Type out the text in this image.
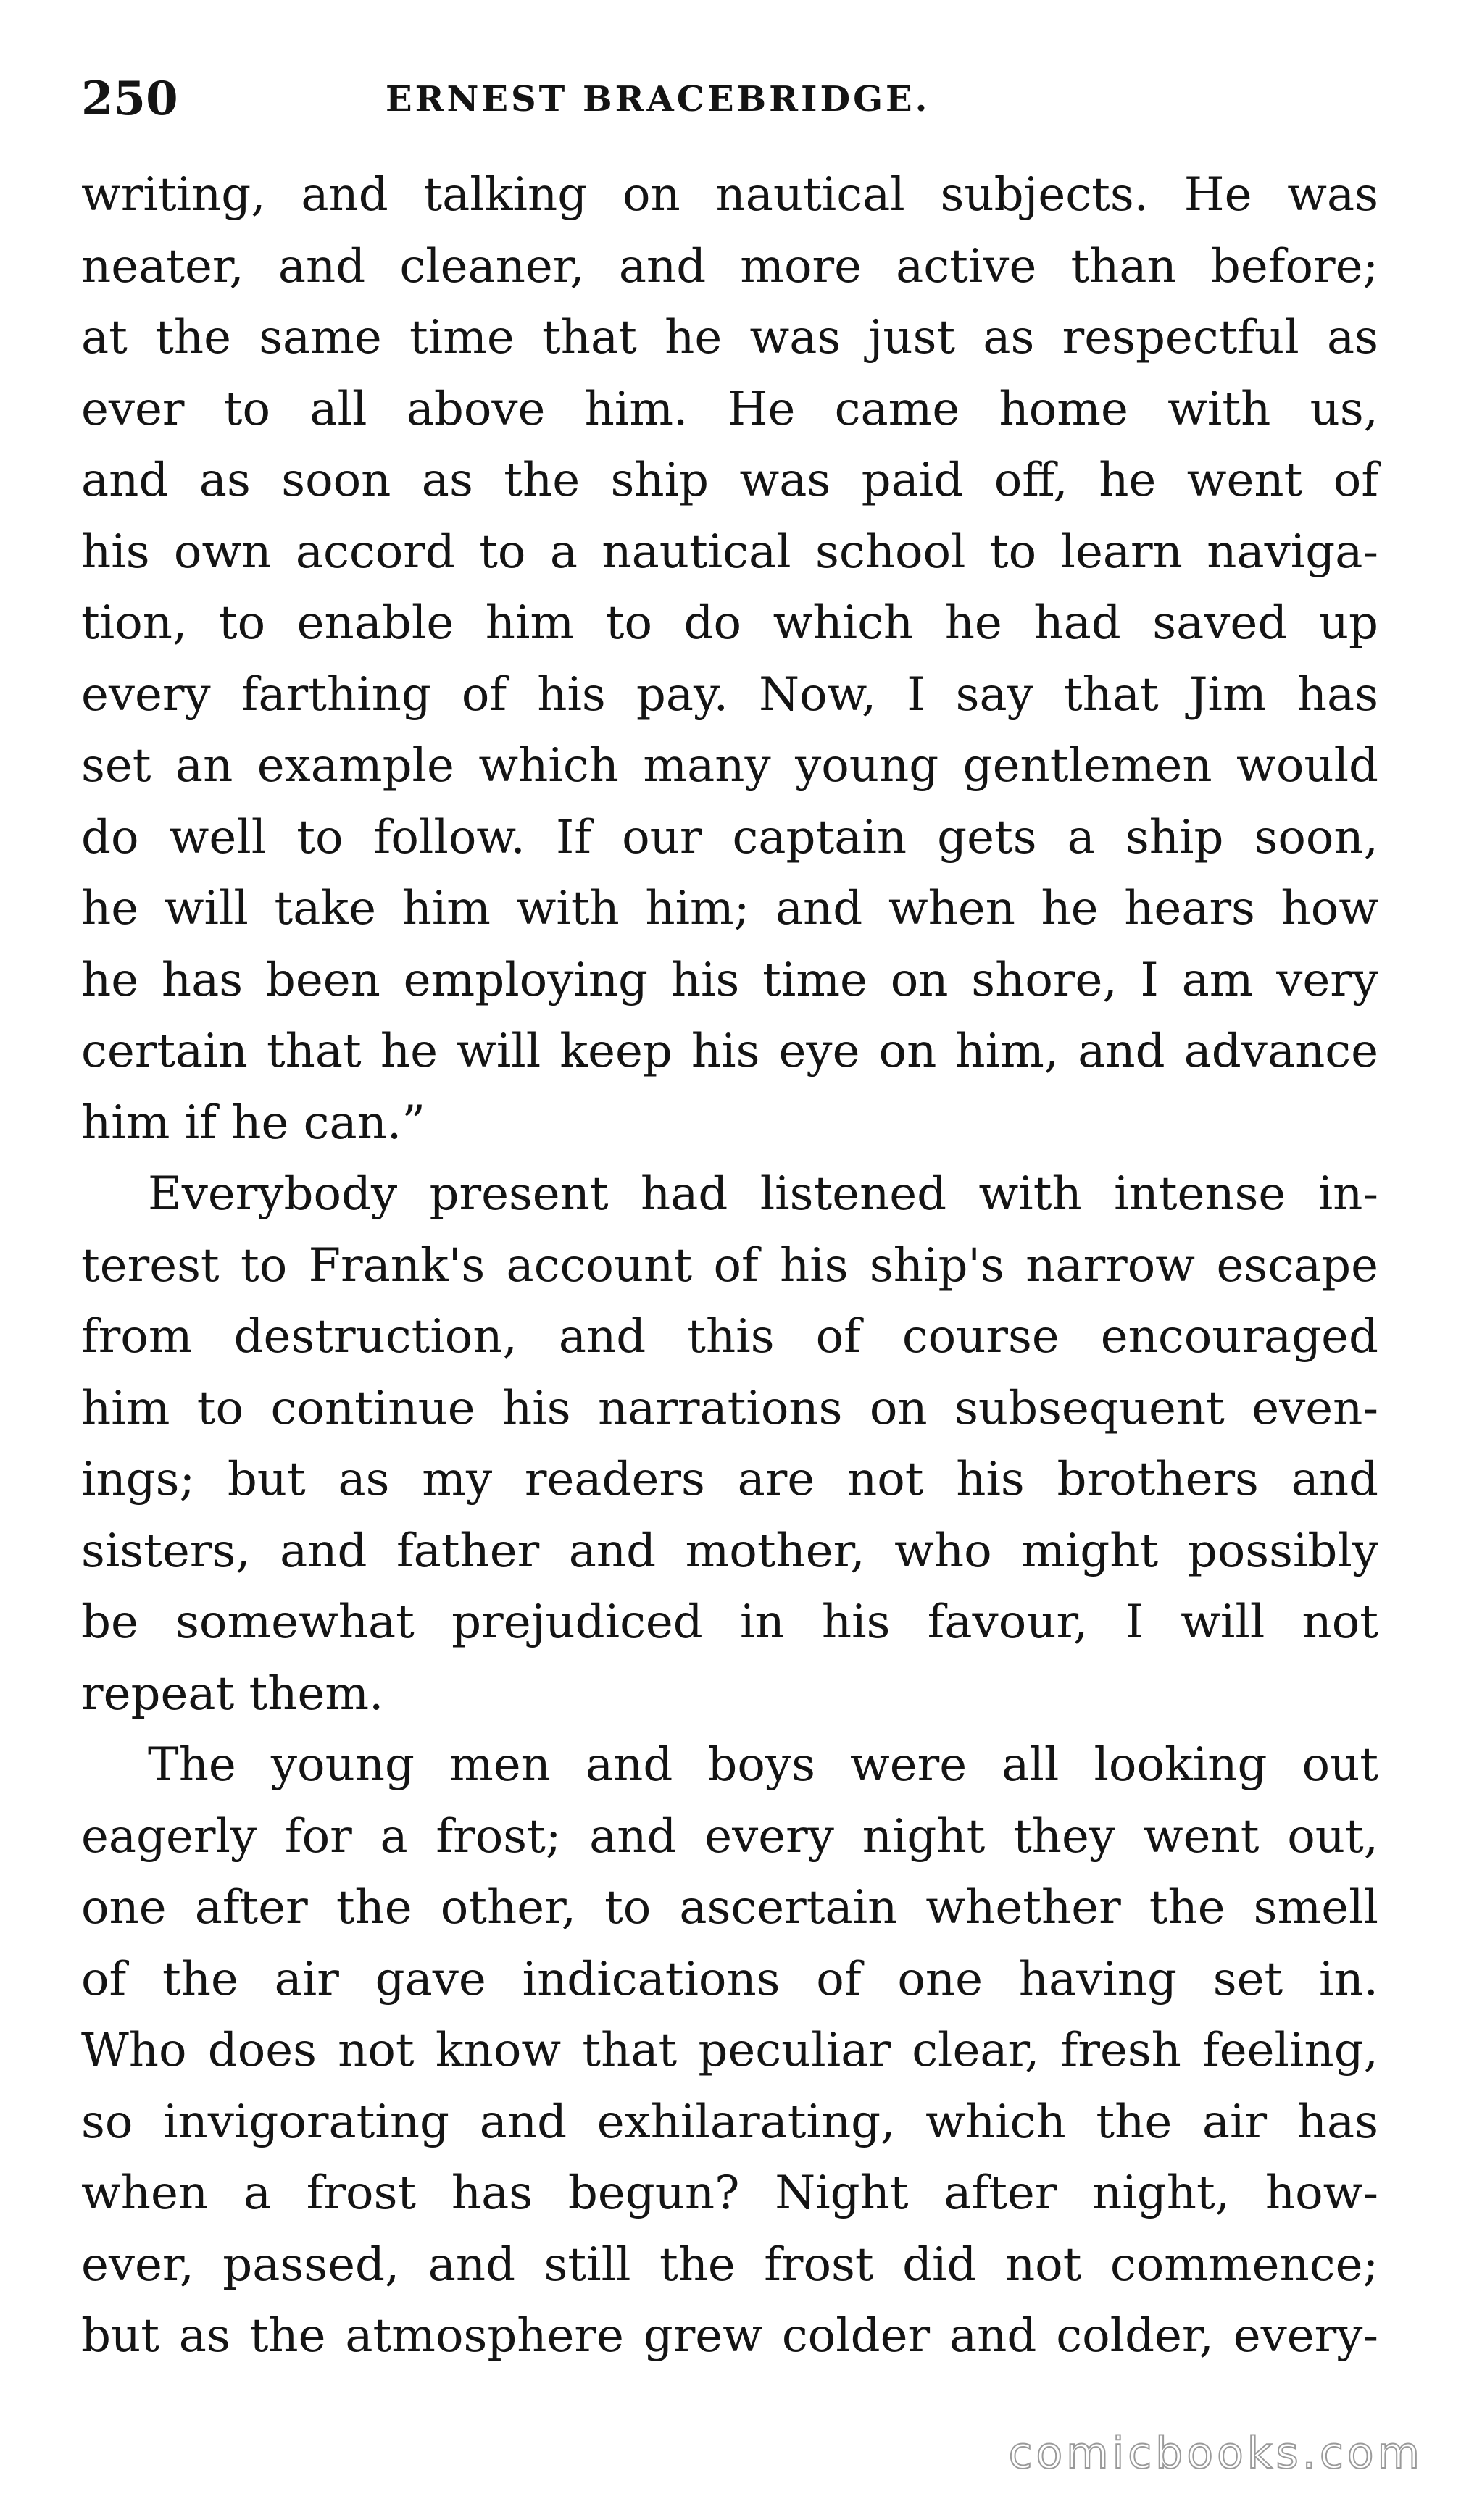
250	ERNEST BRACEBRIDGE.
writing, and talking on nautical subjects. He was
neater, and cleaner, and more active than before;
at the same time that he was just as respectful as
ever to all above him. He came home with us,
and as soon as the ship was paid off, he went of
his own accord to a nautical school to learn naviga-
tion, to enable him to do which he had saved up
every farthing of his pay. Now, I say that Jim has
set an example which many young gentlemen would
do well to follow. If our captain gets a ship soon,
he will take him with him; and when he hears how
he has been employing his time on shore, I am very
certain that he will keep his eye on him, and advance
him if he can.”
Everybody present had listened with intense in-
terest to Frank's account of his ship's narrow escape
from destruction, and this of course encouraged
him to continue his narrations on subsequent even-
ings; but as my readers are not his brothers and
sisters, and father and mother, who might possibly
be somewhat prejudiced in his favour, I will not
repeat them.
The young men and boys were all looking out
eagerly for a frost; and every night they went out,
one after the other, to ascertain whether the smell
of the air gave indications of one having set in.
Who does not know that peculiar clear, fresh feeling,
so invigorating and exhilarating, which the air has
when a frost has begun? Night after night, how-
ever, passed, and still the frost did not commence;
but as the atmosphere grew colder and colder, every-
comicbooks.com
